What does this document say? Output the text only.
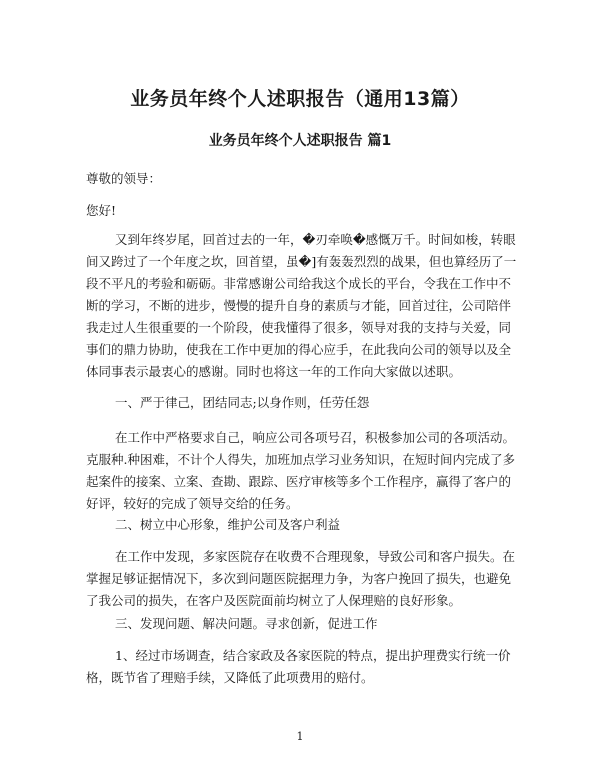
业务员年终个人述职报告（通用13篇）
业务员年终个人述职报告 篇1

尊敬的领导：

您好!

又到年终岁尾，回首过去的一年，�刃牵唤�感慨万千。时间如梭，转眼间又跨过了一个年度之坎，回首望，虽�]有轰轰烈烈的战果，但也算经历了一段不平凡的考验和砺砺。非常感谢公司给我这个成长的平台，令我在工作中不断的学习，不断的进步，慢慢的提升自身的素质与才能，回首过往，公司陪伴我走过人生很重要的一个阶段，使我懂得了很多，领导对我的支持与关爱，同事们的鼎力协助，使我在工作中更加的得心应手，在此我向公司的领导以及全体同事表示最衷心的感谢。同时也将这一年的工作向大家做以述职。

一、严于律己，团结同志;以身作则，任劳任怨

在工作中严格要求自己，响应公司各项号召，积极参加公司的各项活动。克服种.种困难，不计个人得失，加班加点学习业务知识，在短时间内完成了多起案件的接案、立案、查勘、跟踪、医疗审核等多个工作程序，赢得了客户的好评，较好的完成了领导交给的任务。

二、树立中心形象，维护公司及客户利益

在工作中发现，多家医院存在收费不合理现象，导致公司和客户损失。在掌握足够证据情况下，多次到问题医院据理力争，为客户挽回了损失，也避免了我公司的损失，在客户及医院面前均树立了人保理赔的良好形象。

三、发现问题、解决问题。寻求创新，促进工作

1、经过市场调查，结合家政及各家医院的特点，提出护理费实行统一价格，既节省了理赔手续，又降低了此项费用的赔付。

1
